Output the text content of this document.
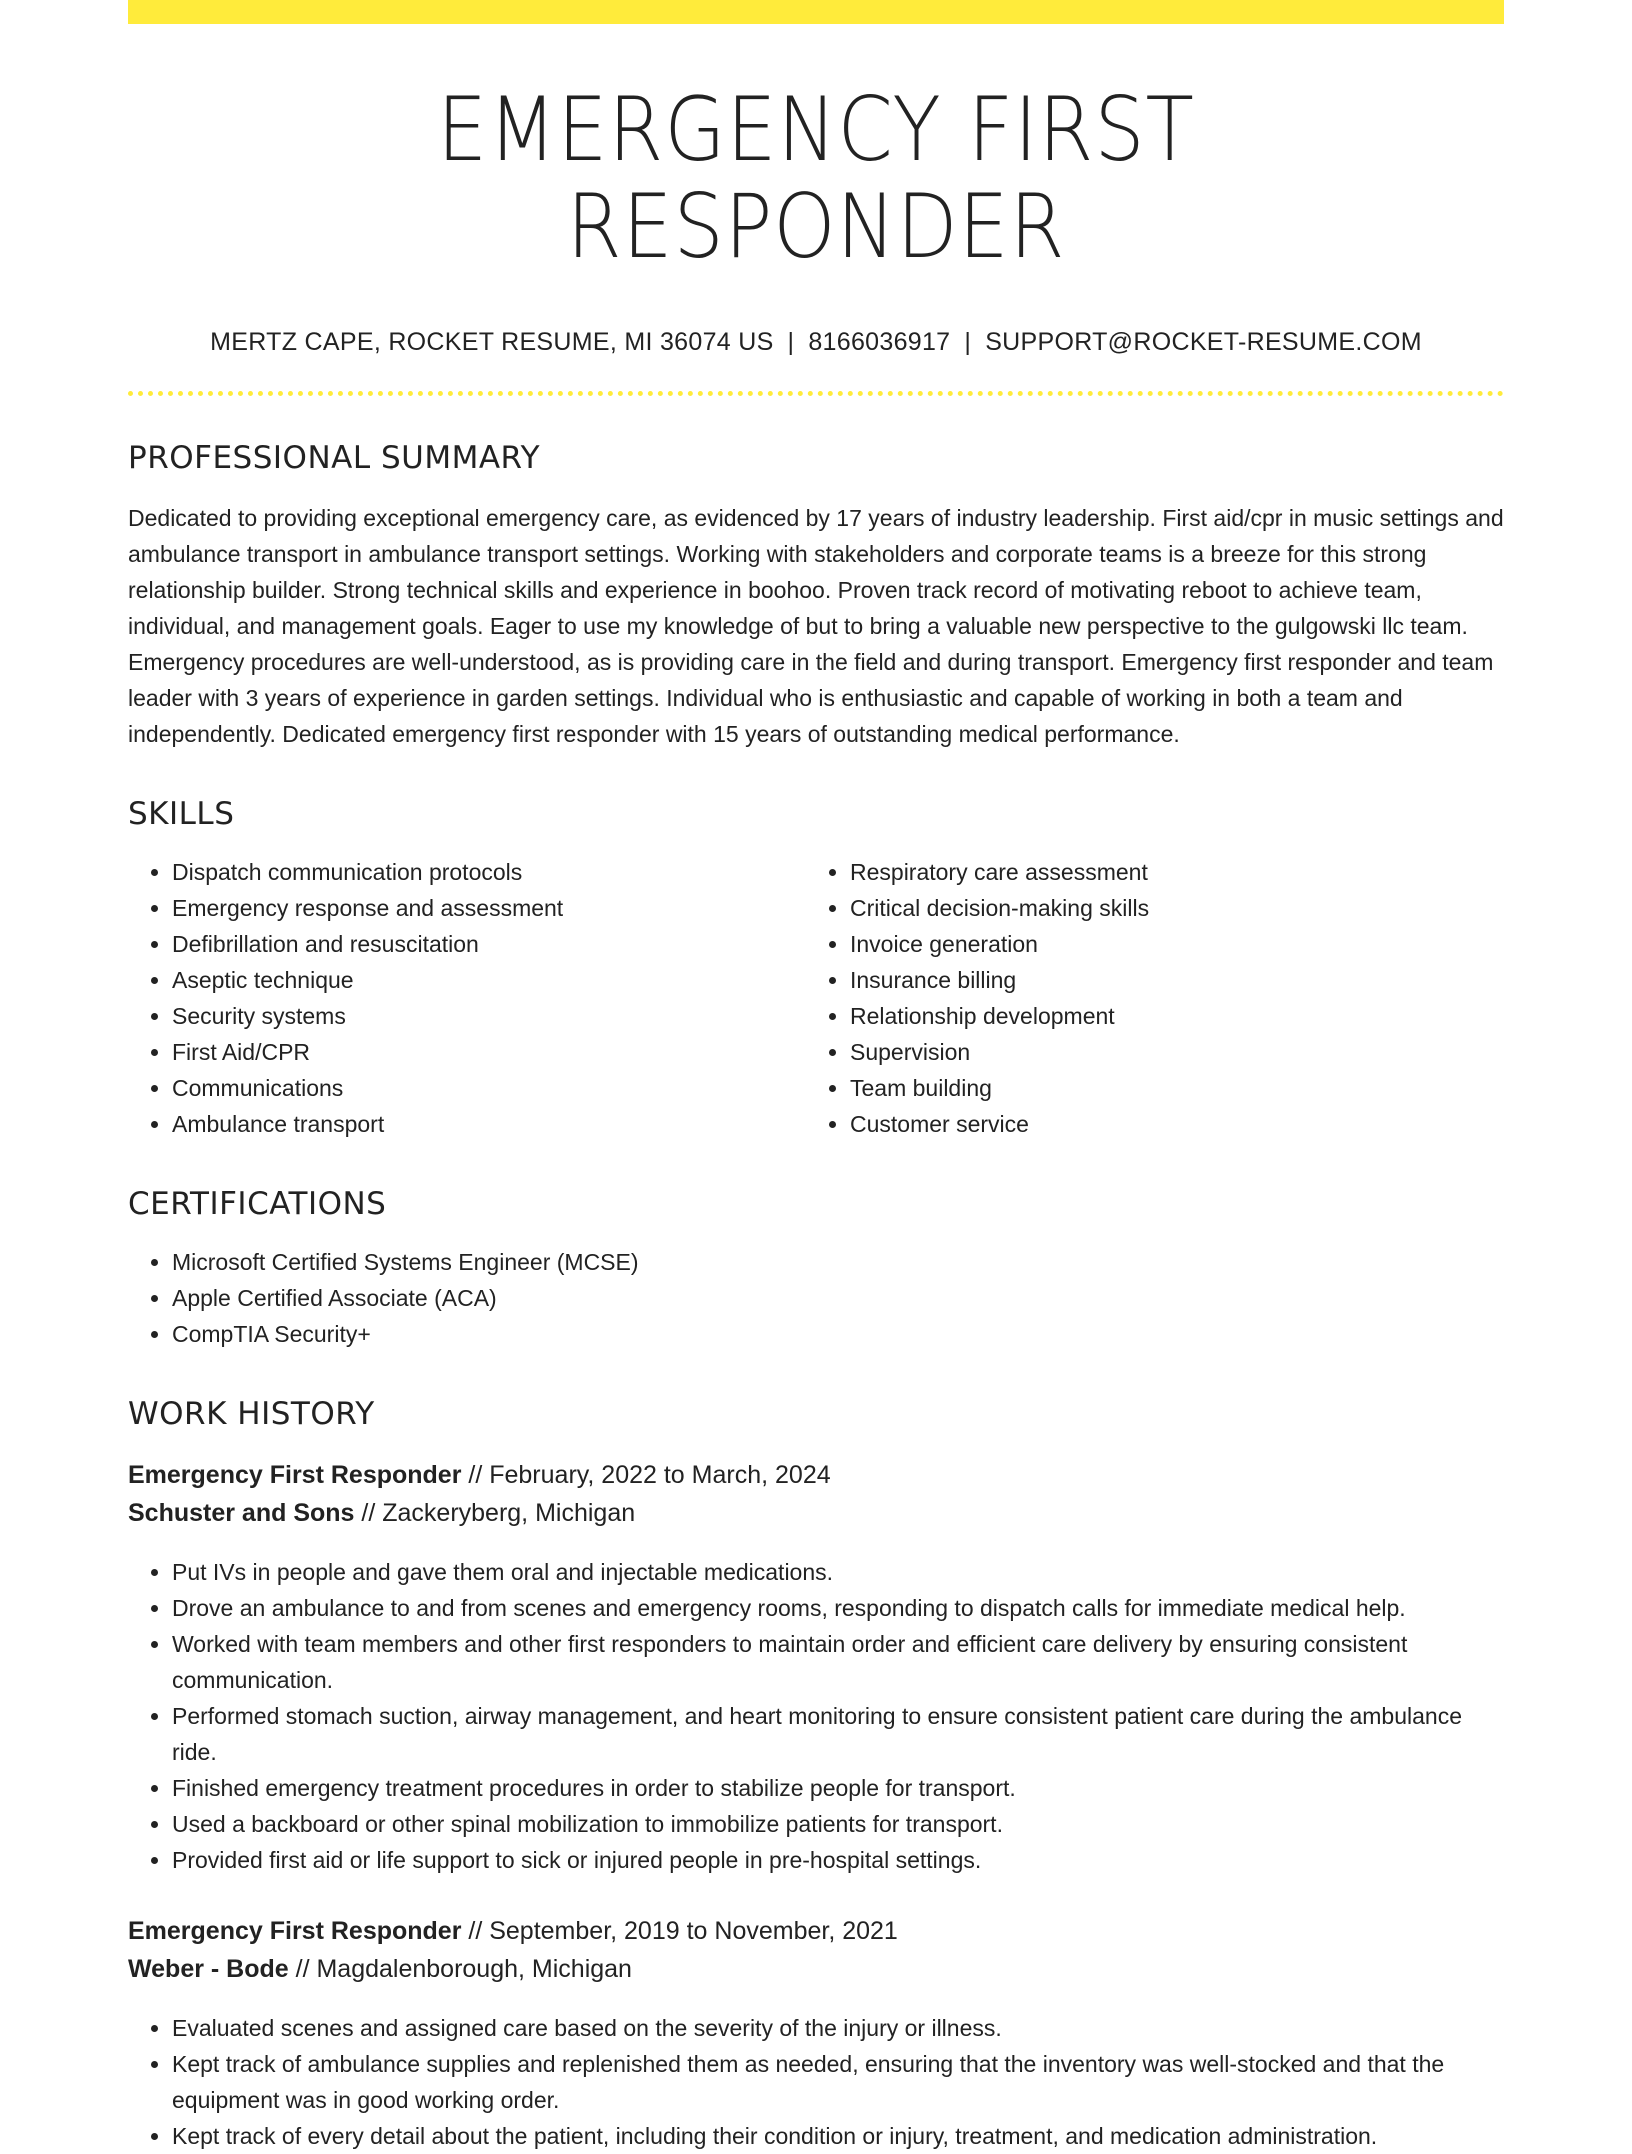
EMERGENCY FIRST RESPONDER
MERTZ CAPE, ROCKET RESUME, MI 36074 US | 8166036917 | SUPPORT@ROCKET-RESUME.COM
PROFESSIONAL SUMMARY
Dedicated to providing exceptional emergency care, as evidenced by 17 years of industry leadership. First aid/cpr in music settings and ambulance transport in ambulance transport settings. Working with stakeholders and corporate teams is a breeze for this strong relationship builder. Strong technical skills and experience in boohoo. Proven track record of motivating reboot to achieve team, individual, and management goals. Eager to use my knowledge of but to bring a valuable new perspective to the gulgowski llc team. Emergency procedures are well-understood, as is providing care in the field and during transport. Emergency first responder and team leader with 3 years of experience in garden settings. Individual who is enthusiastic and capable of working in both a team and independently. Dedicated emergency first responder with 15 years of outstanding medical performance.
SKILLS
• Dispatch communication protocols
• Emergency response and assessment
• Defibrillation and resuscitation
• Aseptic technique
• Security systems
• First Aid/CPR
• Communications
• Ambulance transport
• Respiratory care assessment
• Critical decision-making skills
• Invoice generation
• Insurance billing
• Relationship development
• Supervision
• Team building
• Customer service
CERTIFICATIONS
• Microsoft Certified Systems Engineer (MCSE)
• Apple Certified Associate (ACA)
• CompTIA Security+
WORK HISTORY
Emergency First Responder // February, 2022 to March, 2024
Schuster and Sons // Zackeryberg, Michigan
• Put IVs in people and gave them oral and injectable medications.
• Drove an ambulance to and from scenes and emergency rooms, responding to dispatch calls for immediate medical help.
• Worked with team members and other first responders to maintain order and efficient care delivery by ensuring consistent communication.
• Performed stomach suction, airway management, and heart monitoring to ensure consistent patient care during the ambulance ride.
• Finished emergency treatment procedures in order to stabilize people for transport.
• Used a backboard or other spinal mobilization to immobilize patients for transport.
• Provided first aid or life support to sick or injured people in pre-hospital settings.
Emergency First Responder // September, 2019 to November, 2021
Weber - Bode // Magdalenborough, Michigan
• Evaluated scenes and assigned care based on the severity of the injury or illness.
• Kept track of ambulance supplies and replenished them as needed, ensuring that the inventory was well-stocked and that the equipment was in good working order.
• Kept track of every detail about the patient, including their condition or injury, treatment, and medication administration.
